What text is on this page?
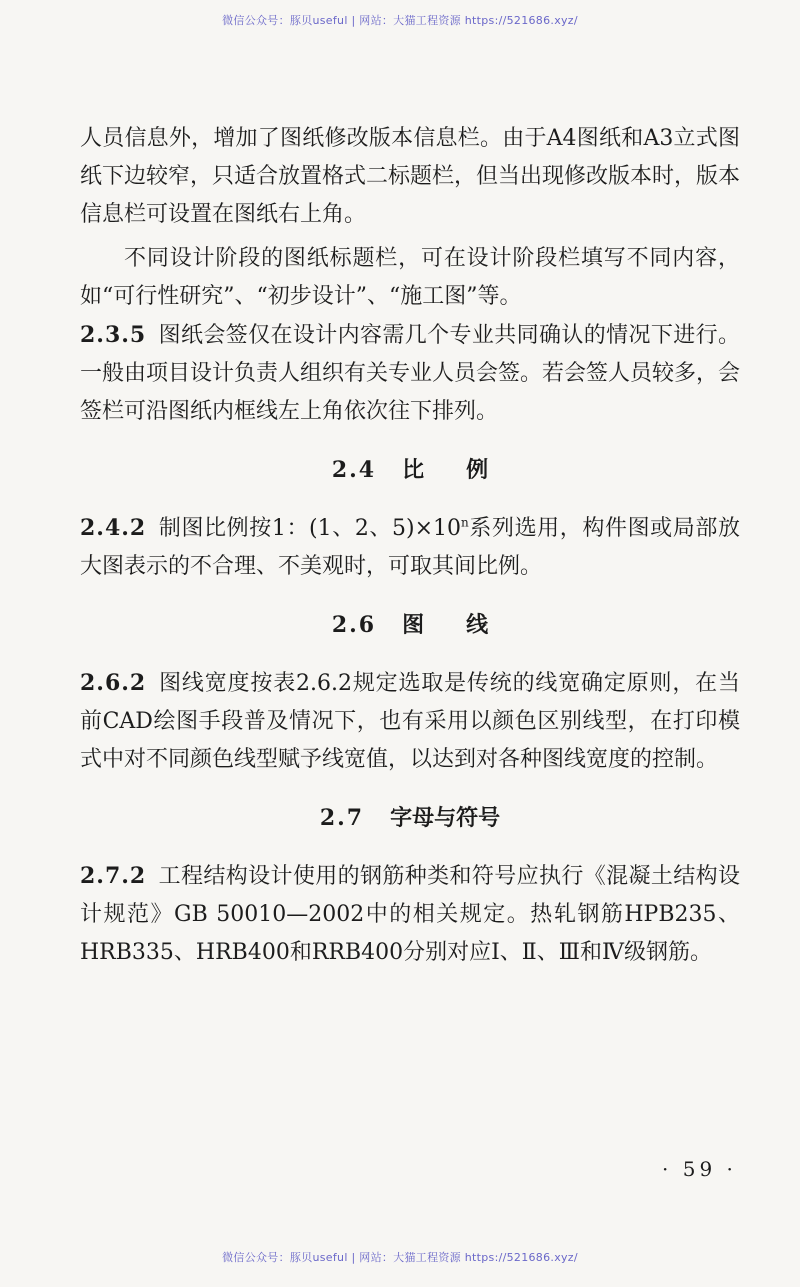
微信公众号：豚贝useful | 网站：大猫工程资源 https://521686.xyz/

人员信息外，增加了图纸修改版本信息栏。由于A4图纸和A3立式图纸下边较窄，只适合放置格式二标题栏，但当出现修改版本时，版本信息栏可设置在图纸右上角。

不同设计阶段的图纸标题栏，可在设计阶段栏填写不同内容，如“可行性研究”、“初步设计”、“施工图”等。

2.3.5 图纸会签仅在设计内容需几个专业共同确认的情况下进行。一般由项目设计负责人组织有关专业人员会签。若会签人员较多，会签栏可沿图纸内框线左上角依次往下排列。

2.4 比例

2.4.2 制图比例按1：(1、2、$5)\times 10^n$系列选用，构件图或局部放大图表示的不合理、不美观时，可取其间比例。

2.6 图线

2.6.2 图线宽度按表2.6.2规定选取是传统的线宽确定原则，在当前CAD绘图手段普及情况下，也有采用以颜色区别线型，在打印模式中对不同颜色线型赋予线宽值，以达到对各种图线宽度的控制。

2.7 字母与符号

2.7.2 工程结构设计使用的钢筋种类和符号应执行《混凝土结构设计规范》GB 50010—2002中的相关规定。热轧钢筋HPB235、HRB335、HRB400和RRB400分别对应Ⅰ、Ⅱ、Ⅲ和Ⅳ级钢筋。

· 59 ·
微信公众号：豚贝useful | 网站：大猫工程资源 https://521686.xyz/
